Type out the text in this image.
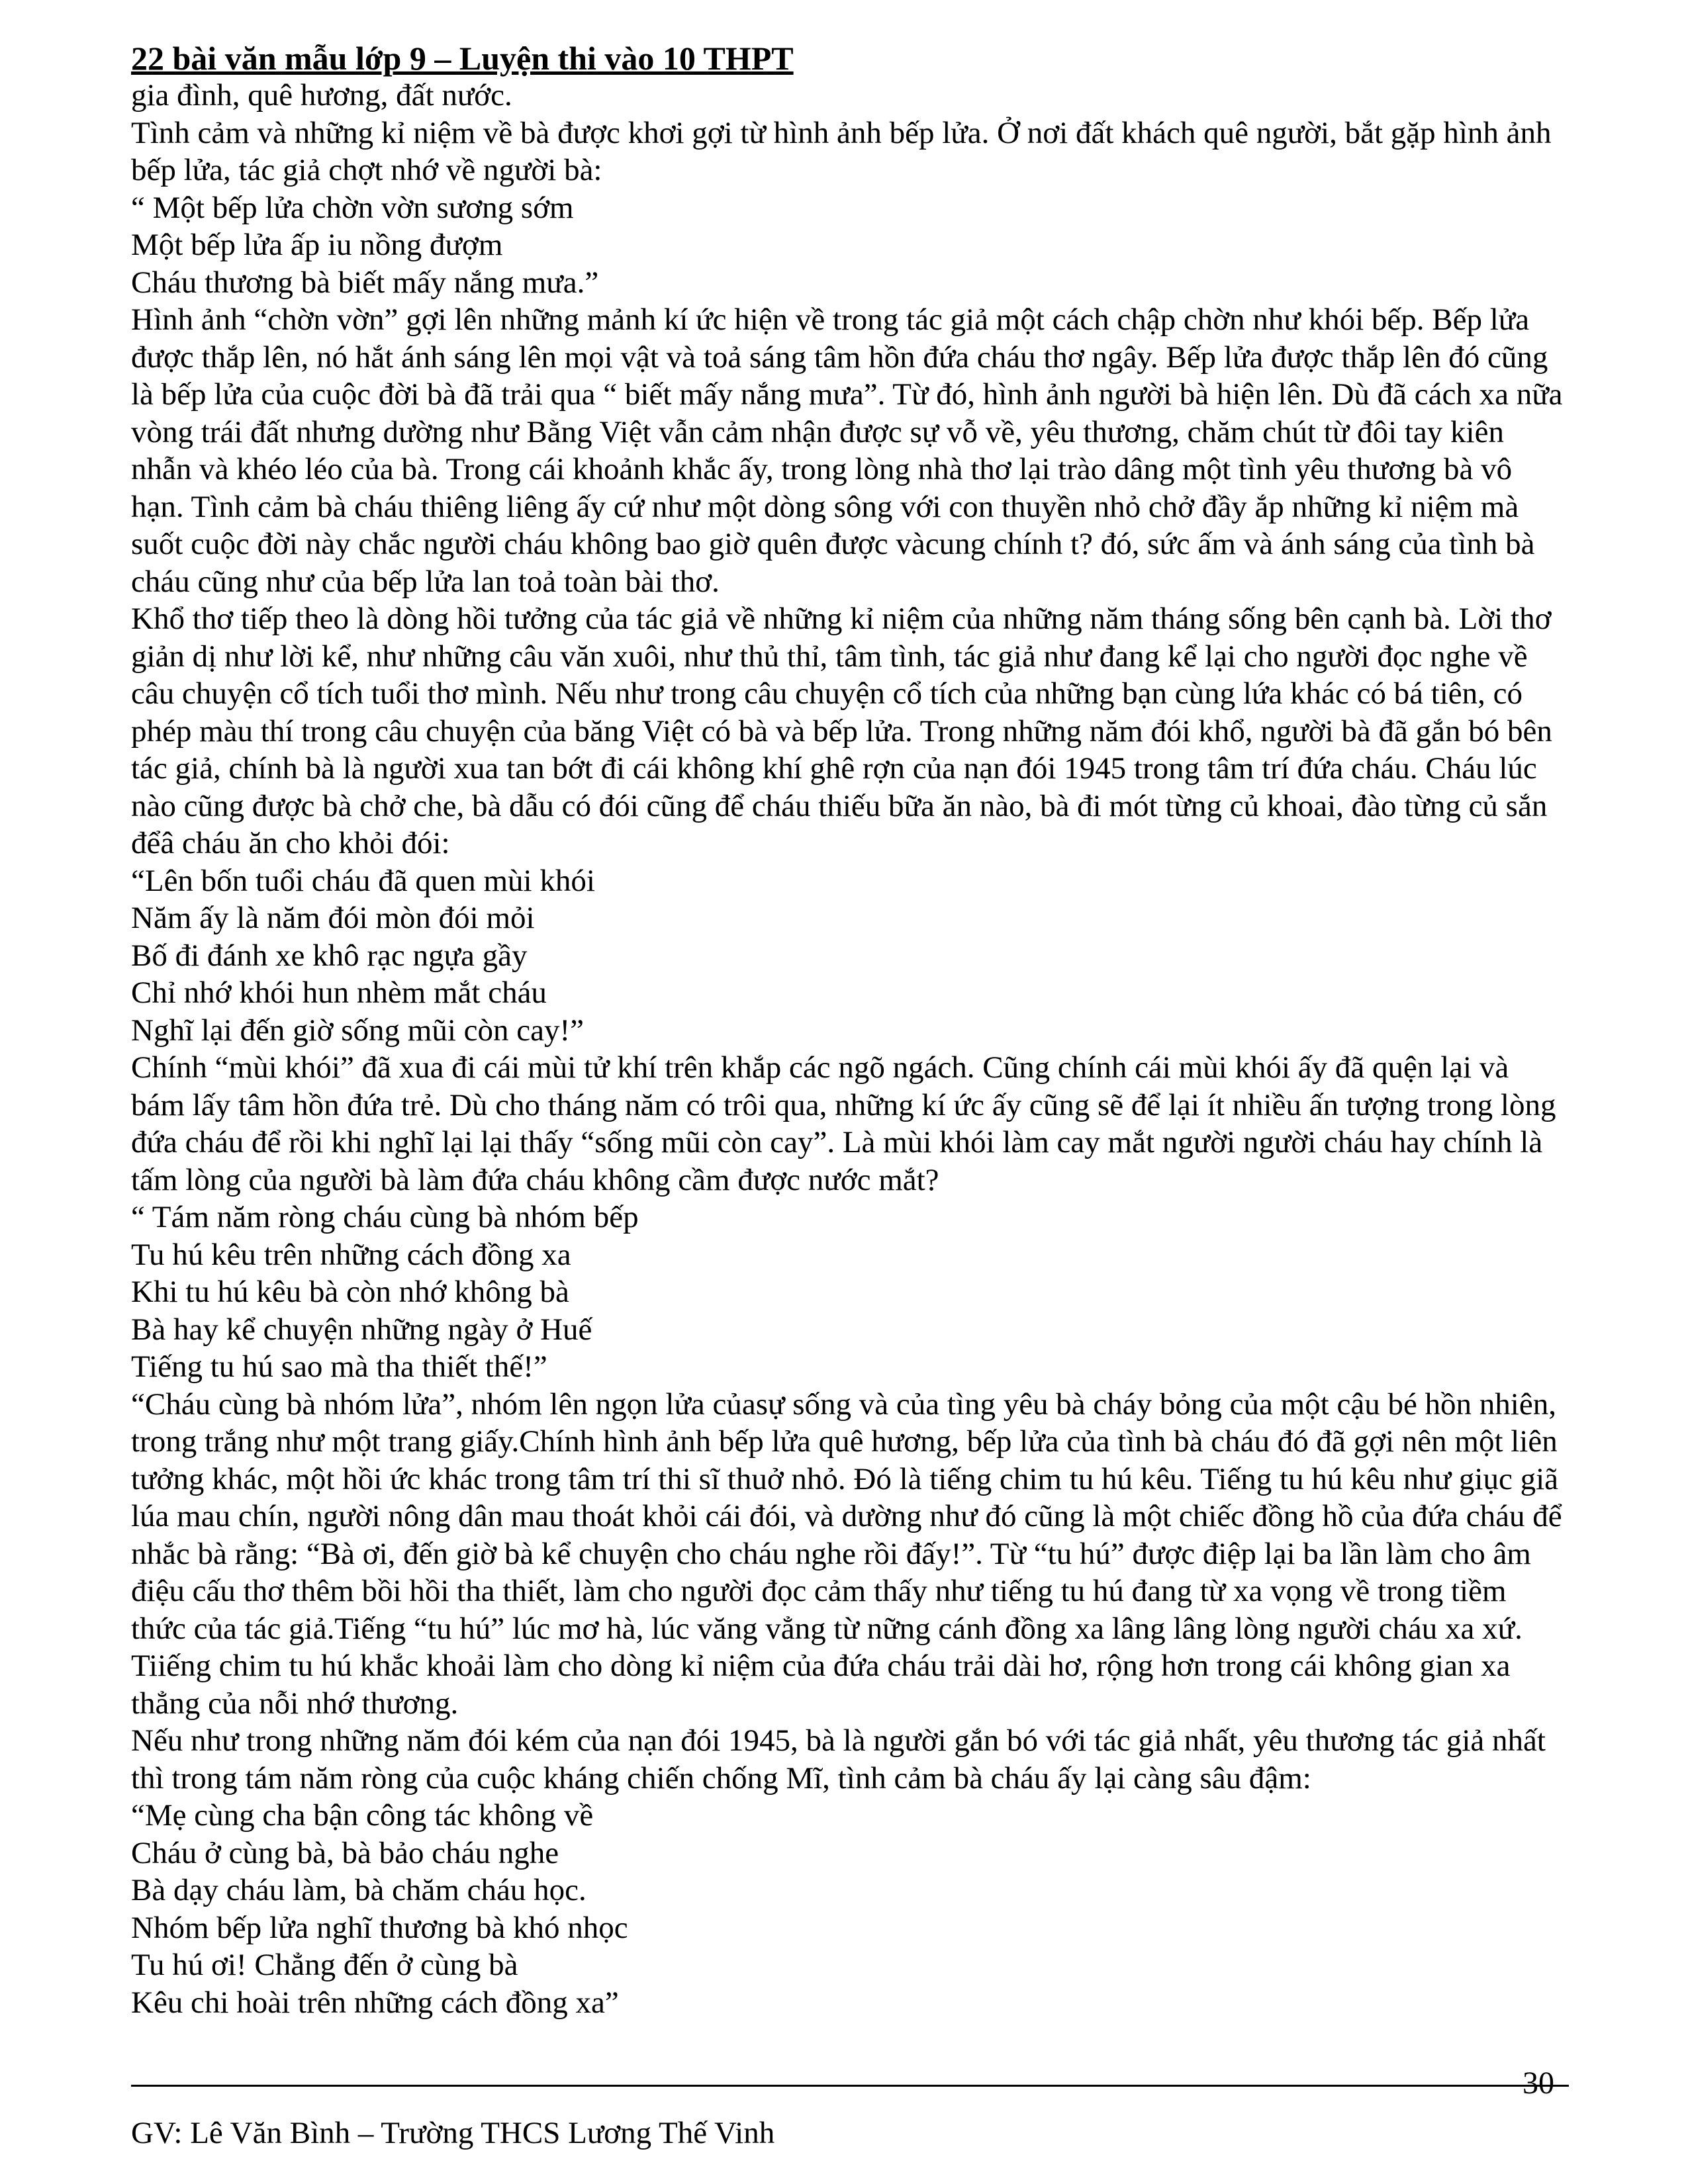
22 bài văn mẫu lớp 9 – Luyện thi vào 10 THPT

gia đình, quê hương, đất nước.

Tình cảm và những kỉ niệm về bà được khơi gợi từ hình ảnh bếp lửa. Ở nơi đất khách quê người, bắt gặp hình ảnh bếp lửa, tác giả chợt nhớ về người bà:

“ Một bếp lửa chờn vờn sương sớm

Một bếp lửa ấp iu nồng đượm

Cháu thương bà biết mấy nắng mưa.”

Hình ảnh “chờn vờn” gợi lên những mảnh kí ức hiện về trong tác giả một cách chập chờn như khói bếp. Bếp lửa được thắp lên, nó hắt ánh sáng lên mọi vật và toả sáng tâm hồn đứa cháu thơ ngây. Bếp lửa được thắp lên đó cũng là bếp lửa của cuộc đời bà đã trải qua “ biết mấy nắng mưa”. Từ đó, hình ảnh người bà hiện lên. Dù đã cách xa nữa vòng trái đất nhưng dường như Bằng Việt vẫn cảm nhận được sự vỗ về, yêu thương, chăm chút từ đôi tay kiên nhẫn và khéo léo của bà. Trong cái khoảnh khắc ấy, trong lòng nhà thơ lại trào dâng một tình yêu thương bà vô hạn. Tình cảm bà cháu thiêng liêng ấy cứ như một dòng sông với con thuyền nhỏ chở đầy ắp những kỉ niệm mà suốt cuộc đời này chắc người cháu không bao giờ quên được vàcung chính t? đó, sức ấm và ánh sáng của tình bà cháu cũng như của bếp lửa lan toả toàn bài thơ.

Khổ thơ tiếp theo là dòng hồi tưởng của tác giả về những kỉ niệm của những năm tháng sống bên cạnh bà. Lời thơ giản dị như lời kể, như những câu văn xuôi, như thủ thỉ, tâm tình, tác giả như đang kể lại cho người đọc nghe về câu chuyện cổ tích tuổi thơ mình. Nếu như trong câu chuyện cổ tích của những bạn cùng lứa khác có bá tiên, có phép màu thí trong câu chuyện của băng Việt có bà và bếp lửa. Trong những năm đói khổ, người bà đã gắn bó bên tác giả, chính bà là người xua tan bớt đi cái không khí ghê rợn của nạn đói 1945 trong tâm trí đứa cháu. Cháu lúc nào cũng được bà chở che, bà dẫu có đói cũng để cháu thiếu bữa ăn nào, bà đi mót từng củ khoai, đào từng củ sắn đểâ cháu ăn cho khỏi đói:

“Lên bốn tuổi cháu đã quen mùi khói

Năm ấy là năm đói mòn đói mỏi

Bố đi đánh xe khô rạc ngựa gầy

Chỉ nhớ khói hun nhèm mắt cháu

Nghĩ lại đến giờ sống mũi còn cay!”

Chính “mùi khói” đã xua đi cái mùi tử khí trên khắp các ngõ ngách. Cũng chính cái mùi khói ấy đã quện lại và bám lấy tâm hồn đứa trẻ. Dù cho tháng năm có trôi qua, những kí ức ấy cũng sẽ để lại ít nhiều ấn tượng trong lòng đứa cháu để rồi khi nghĩ lại lại thấy “sống mũi còn cay”. Là mùi khói làm cay mắt người người cháu hay chính là tấm lòng của người bà làm đứa cháu không cầm được nước mắt?

“ Tám năm ròng cháu cùng bà nhóm bếp

Tu hú kêu trên những cách đồng xa

Khi tu hú kêu bà còn nhớ không bà

Bà hay kể chuyện những ngày ở Huế

Tiếng tu hú sao mà tha thiết thế!”

“Cháu cùng bà nhóm lửa”, nhóm lên ngọn lửa củasự sống và của tìng yêu bà cháy bỏng của một cậu bé hồn nhiên, trong trắng như một trang giấy.Chính hình ảnh bếp lửa quê hương, bếp lửa của tình bà cháu đó đã gợi nên một liên tưởng khác, một hồi ức khác trong tâm trí thi sĩ thuở nhỏ. Đó là tiếng chim tu hú kêu. Tiếng tu hú kêu như giục giã lúa mau chín, người nông dân mau thoát khỏi cái đói, và dường như đó cũng là một chiếc đồng hồ của đứa cháu để nhắc bà rằng: “Bà ơi, đến giờ bà kể chuyện cho cháu nghe rồi đấy!”. Từ “tu hú” được điệp lại ba lần làm cho âm điệu cấu thơ thêm bồi hồi tha thiết, làm cho người đọc cảm thấy như tiếng tu hú đang từ xa vọng về trong tiềm thức của tác giả.Tiếng “tu hú” lúc mơ hà, lúc văng vẳng từ nững cánh đồng xa lâng lâng lòng người cháu xa xứ. Tiiếng chim tu hú khắc khoải làm cho dòng kỉ niệm của đứa cháu trải dài hơ, rộng hơn trong cái không gian xa thẳng của nỗi nhớ thương.

Nếu như trong những năm đói kém của nạn đói 1945, bà là người gắn bó với tác giả nhất, yêu thương tác giả nhất thì trong tám năm ròng của cuộc kháng chiến chống Mĩ, tình cảm bà cháu ấy lại càng sâu đậm:

“Mẹ cùng cha bận công tác không về

Cháu ở cùng bà, bà bảo cháu nghe

Bà dạy cháu làm, bà chăm cháu học.

Nhóm bếp lửa nghĩ thương bà khó nhọc

Tu hú ơi! Chẳng đến ở cùng bà

Kêu chi hoài trên những cách đồng xa”

30
GV: Lê Văn Bình – Trường THCS Lương Thế Vinh
